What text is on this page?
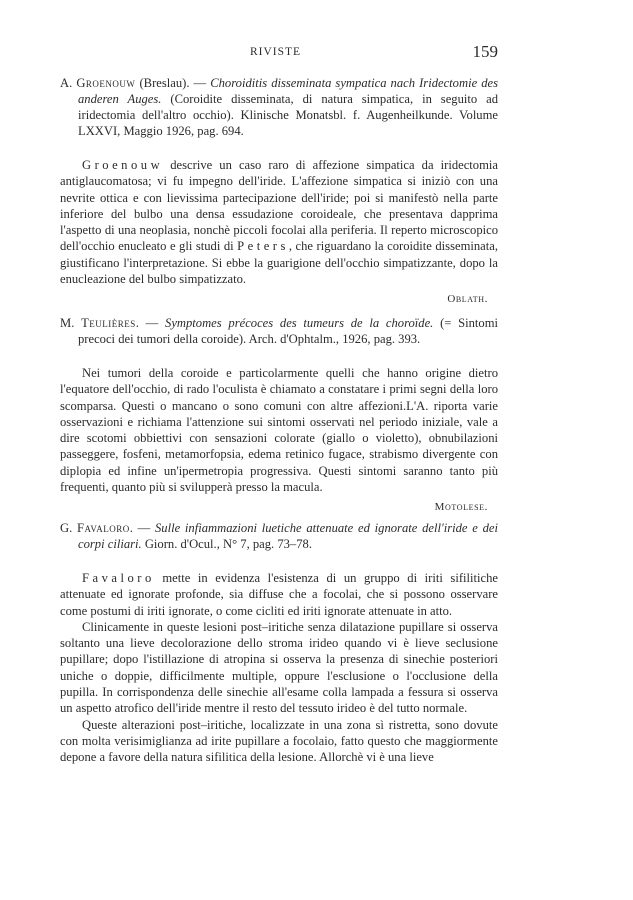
RIVISTE	159

A. Groenouw (Breslau). — Choroiditis disseminata sympatica nach Iridectomie des anderen Auges. (Coroidite disseminata, di natura simpatica, in seguito ad iridectomia dell'altro occhio). Klinische Monatsbl. f. Augenheilkunde. Volume LXXVI, Maggio 1926, pag. 694.

Groenouw descrive un caso raro di affezione simpatica da iridectomia antiglaucomatosa; vi fu impegno dell'iride. L'affezione simpatica si iniziò con una nevrite ottica e con lievissima partecipazione dell'iride; poi si manifestò nella parte inferiore del bulbo una densa essudazione coroideale, che presentava dapprima l'aspetto di una neoplasia, nonchè piccoli focolai alla periferia. Il reperto microscopico dell'occhio enucleato e gli studi di Peters, che riguardano la coroidite disseminata, giustificano l'interpretazione. Si ebbe la guarigione dell'occhio simpatizzante, dopo la enucleazione del bulbo simpatizzato.

Oblath.

M. Teulières. — Symptomes précoces des tumeurs de la choroïde. (= Sintomi precoci dei tumori della coroide). Arch. d'Ophtalm., 1926, pag. 393.

Nei tumori della coroide e particolarmente quelli che hanno origine dietro l'equatore dell'occhio, di rado l'oculista è chiamato a constatare i primi segni della loro scomparsa. Questi o mancano o sono comuni con altre affezioni.L'A. riporta varie osservazioni e richiama l'attenzione sui sintomi osservati nel periodo iniziale, vale a dire scotomi obbiettivi con sensazioni colorate (giallo o violetto), obnubilazioni passeggere, fosfeni, metamorfopsia, edema retinico fugace, strabismo divergente con diplopia ed infine un'ipermetropia progressiva. Questi sintomi saranno tanto più frequenti, quanto più si svilupperà presso la macula.

Motolese.

G. Favaloro. — Sulle infiammazioni luetiche attenuate ed ignorate dell'iride e dei corpi ciliari. Giorn. d'Ocul., N° 7, pag. 73–78.

Favaloro mette in evidenza l'esistenza di un gruppo di iriti sifilitiche attenuate ed ignorate profonde, sia diffuse che a focolai, che si possono osservare come postumi di iriti ignorate, o come cicliti ed iriti ignorate attenuate in atto.

Clinicamente in queste lesioni post–iritiche senza dilatazione pupillare si osserva soltanto una lieve decolorazione dello stroma irideo quando vi è lieve seclusione pupillare; dopo l'istillazione di atropina si osserva la presenza di sinechie posteriori uniche o doppie, difficilmente multiple, oppure l'esclusione o l'occlusione della pupilla. In corrispondenza delle sinechie all'esame colla lampada a fessura si osserva un aspetto atrofico dell'iride mentre il resto del tessuto irideo è del tutto normale.

Queste alterazioni post–iritiche, localizzate in una zona sì ristretta, sono dovute con molta verisimiglianza ad irite pupillare a focolaio, fatto questo che maggiormente depone a favore della natura sifilitica della lesione. Allorchè vi è una lieve
